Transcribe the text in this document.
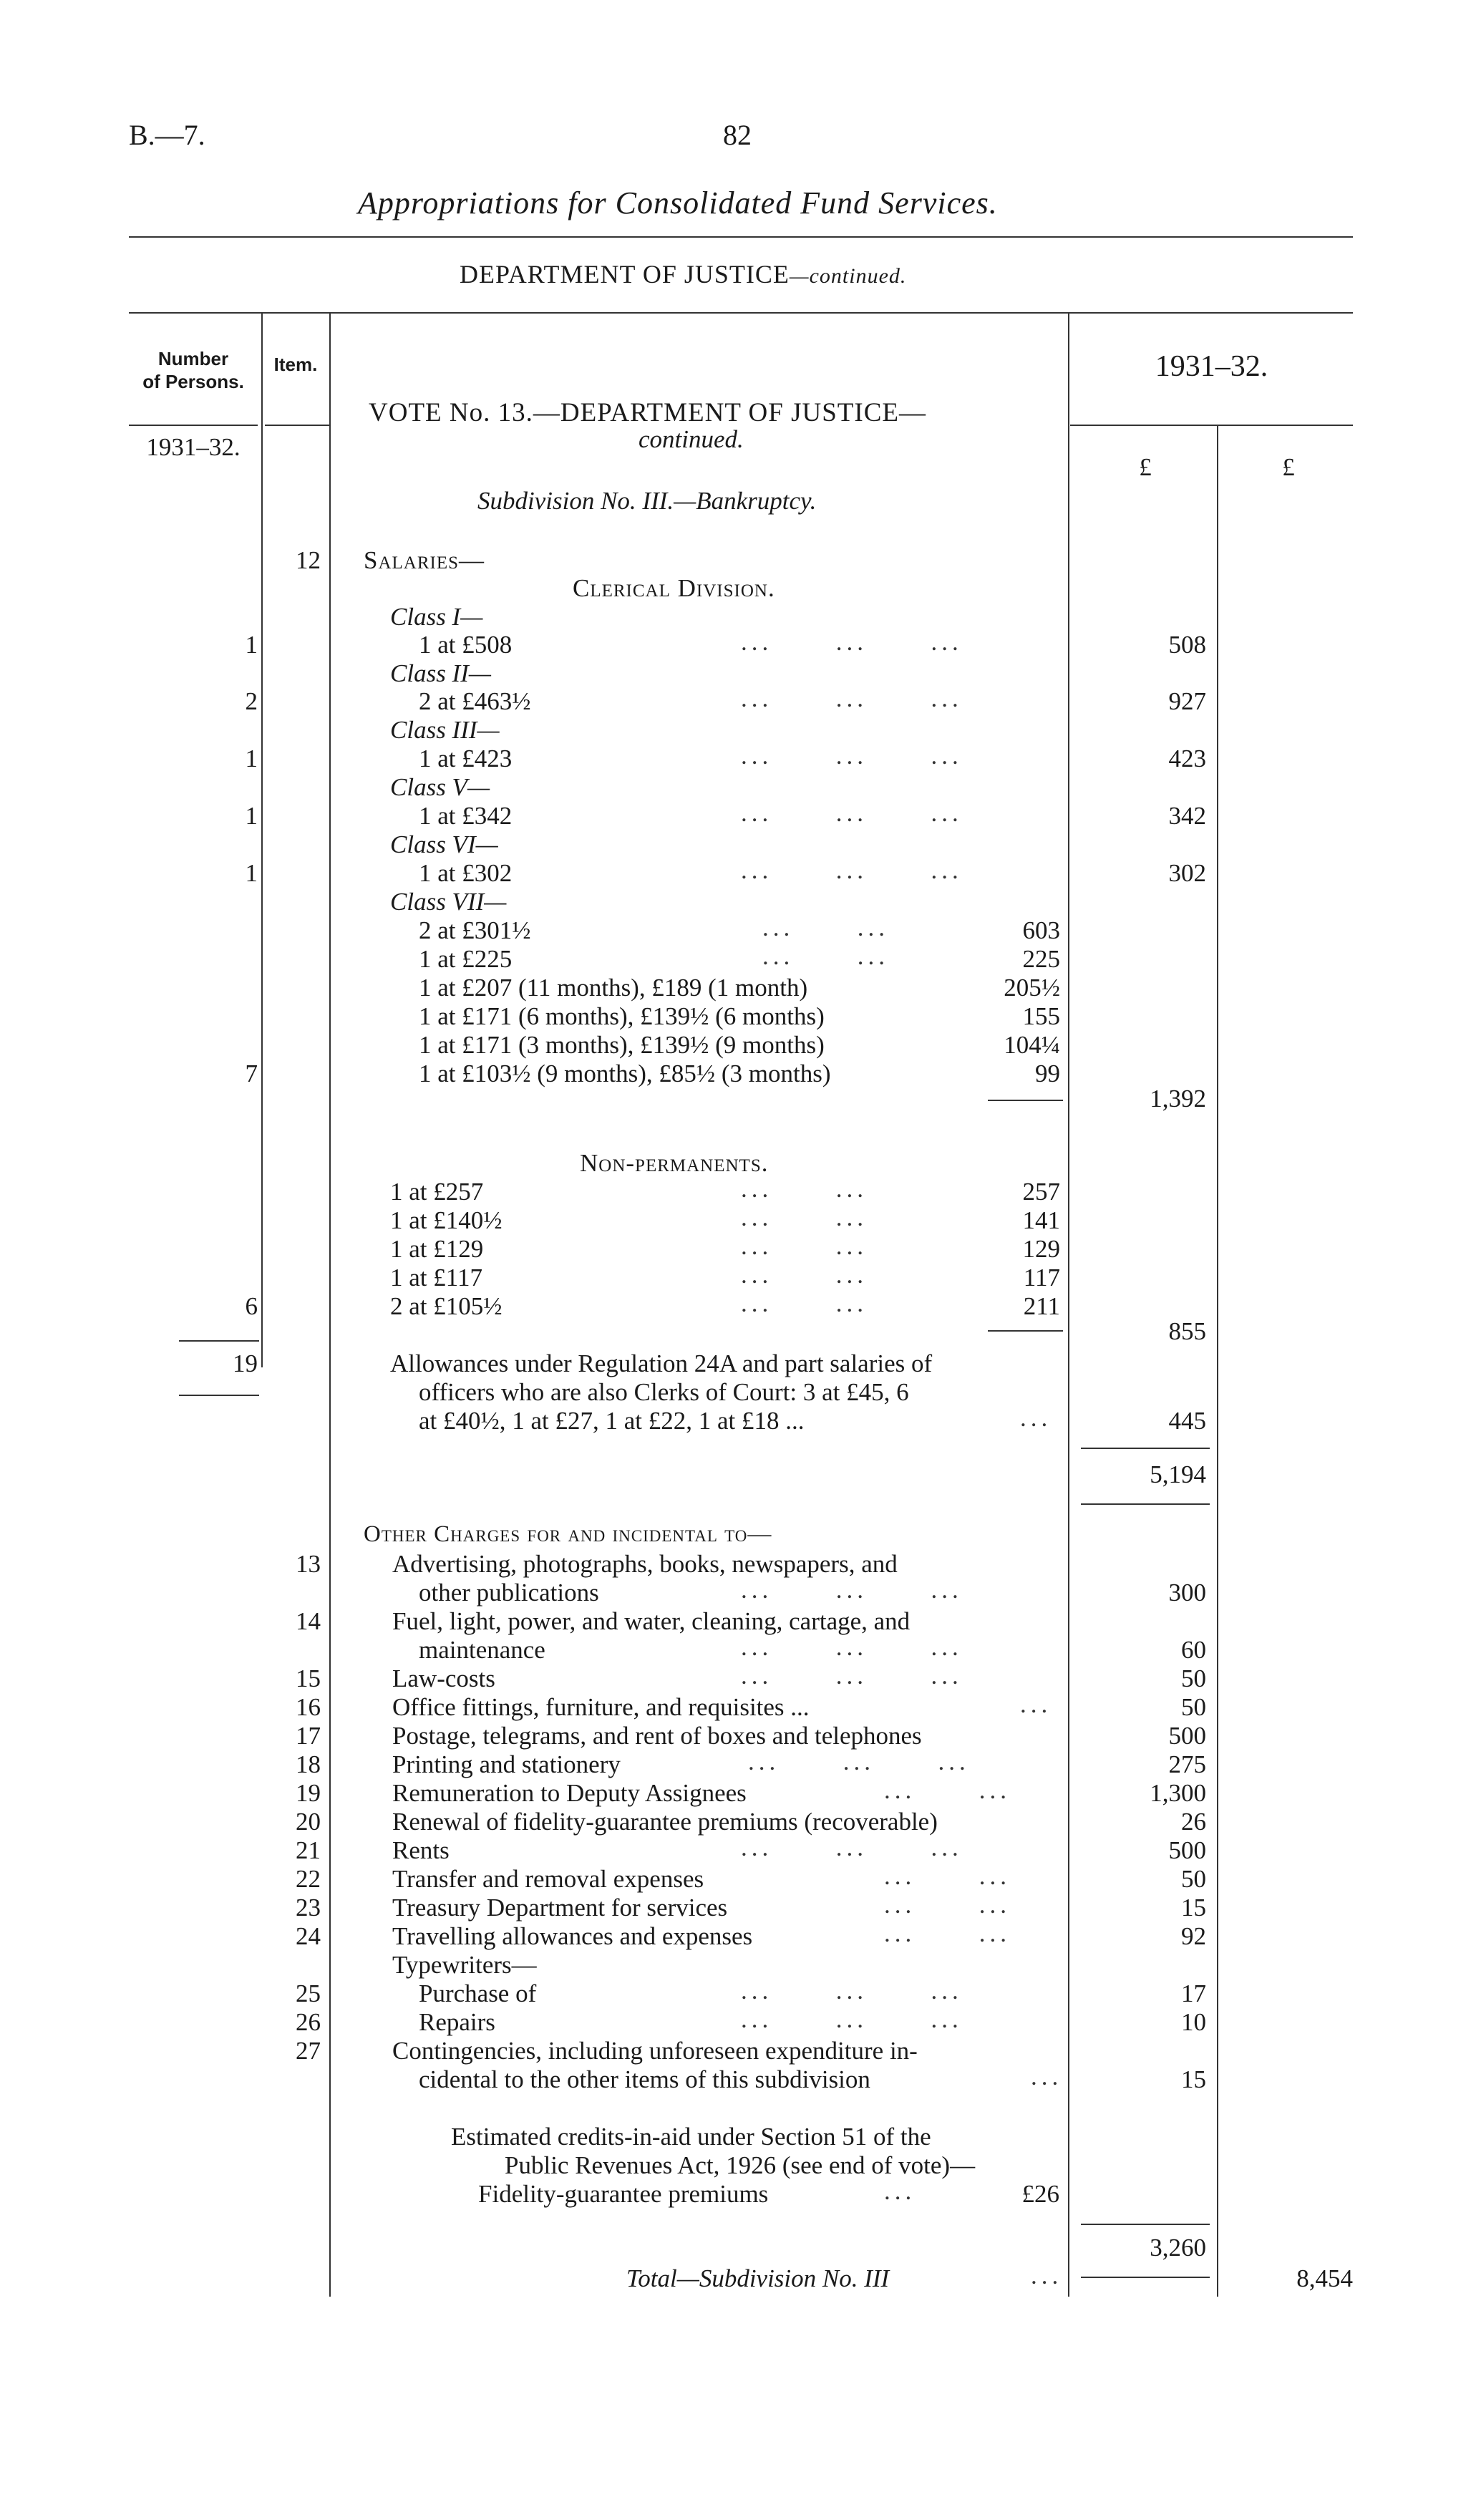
B.—7.	82
Appropriations for Consolidated Fund Services.
DEPARTMENT OF JUSTICE—continued.
Number
of Persons.
Item.	1931–32.
1931–32.
£	£
VOTE No. 13.—DEPARTMENT OF JUSTICE—
continued.
Subdivision No. III.—Bankruptcy.
12 Salaries—
Clerical Division.
Class I—
1	1 at £508	...      ...      ...	508
Class II—
2	2 at £463½	...      ...      ...	927
Class III—
1	1 at £423	...      ...      ...	423
Class V—
1	1 at £342	...      ...      ...	342
Class VI—
1	1 at £302	...      ...      ...	302
Class VII—
2 at £301½	...      ...	603
1 at £225	...      ...	225
1 at £207 (11 months), £189 (1 month)	205½
1 at £171 (6 months), £139½ (6 months)	155
1 at £171 (3 months), £139½ (9 months)	104¼
7	1 at £103½ (9 months), £85½ (3 months)	99
1,392
Non-permanents.
1 at £257	...      ...	257
1 at £140½	...      ...	141
1 at £129	...      ...	129
1 at £117	...      ...	117
6	2 at £105½	...      ...	211
855
19	Allowances under Regulation 24A and part salaries of
officers who are also Clerks of Court: 3 at £45, 6
at £40½, 1 at £27, 1 at £22, 1 at £18 ...	...	445
5,194
Other Charges for and incidental to—
13	Advertising, photographs, books, newspapers, and
other publications	...      ...      ...	300
14	Fuel, light, power, and water, cleaning, cartage, and
maintenance	...      ...      ...	60
15	Law-costs	...      ...      ...	50
16	Office fittings, furniture, and requisites ...	...	50
17	Postage, telegrams, and rent of boxes and telephones	500
18	Printing and stationery	...      ...      ...	275
19	Remuneration to Deputy Assignees	...      ...	1,300
20	Renewal of fidelity-guarantee premiums (recoverable)	26
21	Rents	...      ...      ...	500
22	Transfer and removal expenses	...      ...	50
23	Treasury Department for services	...      ...	15
24	Travelling allowances and expenses	...      ...	92
Typewriters—
25	Purchase of	...      ...      ...	17
26	Repairs	...      ...      ...	10
27	Contingencies, including unforeseen expenditure in-
cidental to the other items of this subdivision	...	15
Estimated credits-in-aid under Section 51 of the
Public Revenues Act, 1926 (see end of vote)—
Fidelity-guarantee premiums	...	£26
3,260
Total—Subdivision No. III	...	8,454
